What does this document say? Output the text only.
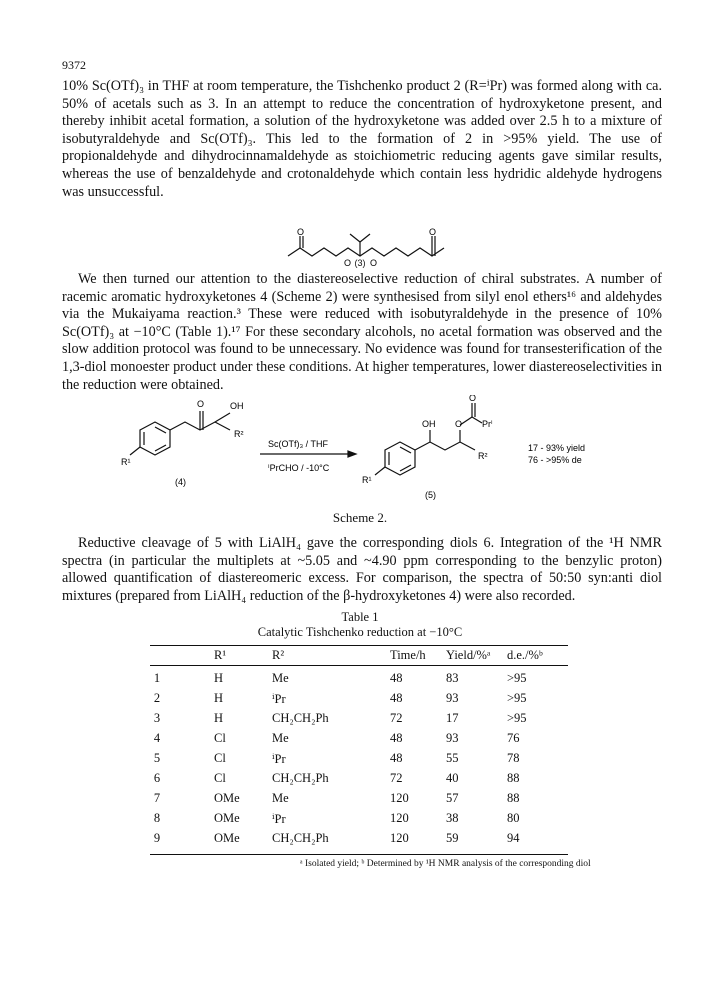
9372

10% Sc(OTf)₃ in THF at room temperature, the Tishchenko product 2 (R=ⁱPr) was formed along with ca. 50% of acetals such as 3. In an attempt to reduce the concentration of hydroxyketone present, and thereby inhibit acetal formation, a solution of the hydroxyketone was added over 2.5 h to a mixture of isobutyraldehyde and Sc(OTf)₃. This led to the formation of 2 in >95% yield. The use of propionaldehyde and dihydrocinnamaldehyde as stoichiometric reducing agents gave similar results, whereas the use of benzaldehyde and crotonaldehyde which contain less hydridic aldehyde hydrogens was unsuccessful.

O	O
O O
(3)

We then turned our attention to the diastereoselective reduction of chiral substrates. A number of racemic aromatic hydroxyketones 4 (Scheme 2) were synthesised from silyl enol ethers¹⁶ and aldehydes via the Mukaiyama reaction.³ These were reduced with isobutyraldehyde in the presence of 10% Sc(OTf)₃ at −10°C (Table 1).¹⁷ For these secondary alcohols, no acetal formation was observed and the slow addition protocol was found to be unnecessary. No evidence was found for transesterification of the 1,3-diol monoester product under these conditions. At higher temperatures, lower diastereoselectivities in the reduction were obtained.

O	OH
R²
R¹
(4)
Sc(OTf)₃ / THF
ⁱPrCHO / -10°C
OH O
O
Prⁱ
R²
R¹
(5)
17 - 93% yield
76 - >95% de
Scheme 2.

Reductive cleavage of 5 with LiAlH₄ gave the corresponding diols 6. Integration of the ¹H NMR spectra (in particular the multiplets at ~5.05 and ~4.90 ppm corresponding to the benzylic proton) allowed quantification of diastereomeric excess. For comparison, the spectra of 50:50 syn:anti diol mixtures (prepared from LiAlH₄ reduction of the β-hydroxyketones 4) were also recorded.

Table 1
Catalytic Tishchenko reduction at −10°C
R¹	R²	Time/h Yield/%ᵃ d.e./%ᵇ
1	H	Me	48	83	>95
2	H	ⁱPr	48	93	>95
3	H	CH₂CH₂Ph	72	17	>95
4	Cl	Me	48	93	76
5	Cl	ⁱPr	48	55	78
6	Cl	CH₂CH₂Ph	72	40	88
7	OMe	Me	120	57	88
8	OMe	ⁱPr	120	38	80
9	OMe	CH₂CH₂Ph	120	59	94
ᵃ Isolated yield; ᵇ Determined by ¹H NMR analysis of the corresponding diol
